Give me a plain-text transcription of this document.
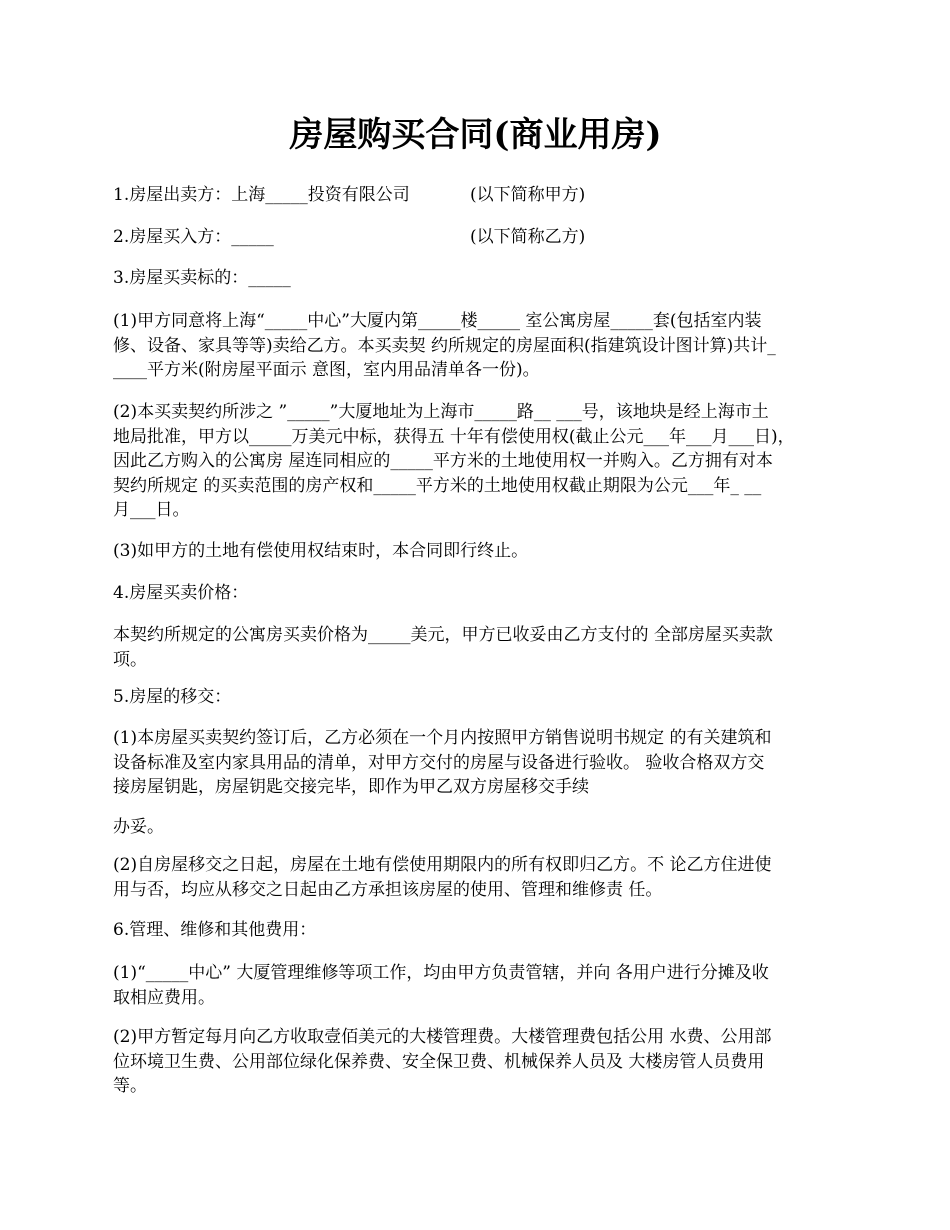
房屋购买合同(商业用房)

1.房屋出卖方：上海_____投资有限公司	(以下简称甲方)

2.房屋买入方：_____	(以下简称乙方)

3.房屋买卖标的：_____

(1)甲方同意将上海“_____中心”大厦内第_____楼_____ 室公寓房屋_____套(包括室内装
修、设备、家具等等)卖给乙方。本买卖契 约所规定的房屋面积(指建筑设计图计算)共计_
____平方米(附房屋平面示 意图，室内用品清单各一份)。

(2)本买卖契约所涉之 ”_____”大厦地址为上海市_____路__ ___号，该地块是经上海市土
地局批准，甲方以_____万美元中标，获得五 十年有偿使用权(截止公元___年___月___日)，
因此乙方购入的公寓房 屋连同相应的_____平方米的土地使用权一并购入。乙方拥有对本
契约所规定 的买卖范围的房产权和_____平方米的土地使用权截止期限为公元___年_ __
月___日。

(3)如甲方的土地有偿使用权结束时，本合同即行终止。

4.房屋买卖价格：

本契约所规定的公寓房买卖价格为_____美元，甲方已收妥由乙方支付的 全部房屋买卖款
项。

5.房屋的移交：

(1)本房屋买卖契约签订后，乙方必须在一个月内按照甲方销售说明书规定 的有关建筑和
设备标准及室内家具用品的清单，对甲方交付的房屋与设备进行验收。 验收合格双方交
接房屋钥匙，房屋钥匙交接完毕，即作为甲乙双方房屋移交手续

办妥。

(2)自房屋移交之日起，房屋在土地有偿使用期限内的所有权即归乙方。不 论乙方住进使
用与否，均应从移交之日起由乙方承担该房屋的使用、管理和维修责 任。

6.管理、维修和其他费用：

(1)“_____中心” 大厦管理维修等项工作，均由甲方负责管辖，并向 各用户进行分摊及收
取相应费用。

(2)甲方暂定每月向乙方收取壹佰美元的大楼管理费。大楼管理费包括公用 水费、公用部
位环境卫生费、公用部位绿化保养费、安全保卫费、机械保养人员及 大楼房管人员费用
等。
